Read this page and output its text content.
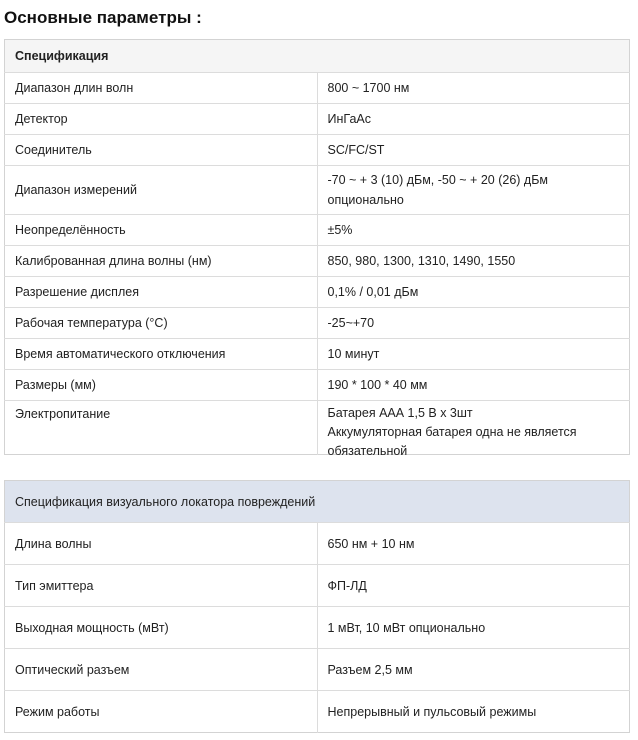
Основные параметры :
Спецификация	
Диапазон длин волн	800 ~ 1700 нм
Детектор	ИнГаАс
Соединитель	SC/FC/ST
Диапазон измерений	-70 ~ + 3 (10) дБм, -50 ~ + 20 (26) дБм опционально
Неопределённость	±5%
Калиброванная длина волны (нм)	850, 980, 1300, 1310, 1490, 1550
Разрешение дисплея	0,1% / 0,01 дБм
Рабочая температура (°C)	-25~+70
Время автоматического отключения	10 минут
Размеры (мм)	190 * 100 * 40 мм
Электропитание	Батарея ААА 1,5 В х 3шт
Аккумуляторная батарея одна не является
обязательной
Спецификация визуального локатора повреждений	
Длина волны	650 нм + 10 нм
Тип эмиттера	ФП-ЛД
Выходная мощность (мВт)	1 мВт, 10 мВт опционально
Оптический разъем	Разъем 2,5 мм
Режим работы	Непрерывный и пульсовый режимы
